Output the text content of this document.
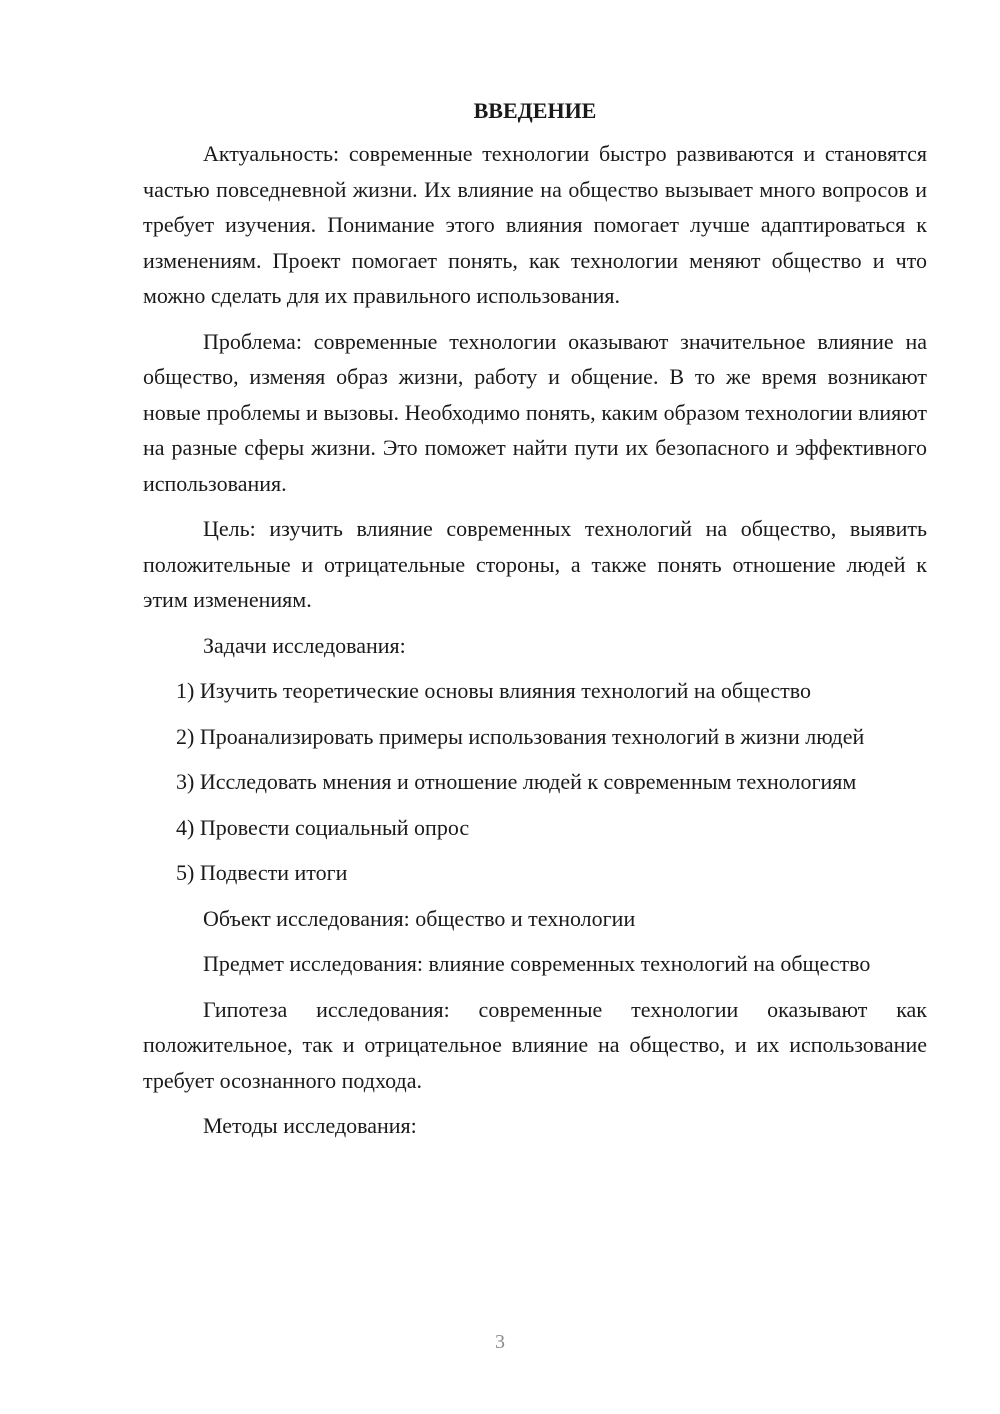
ВВЕДЕНИЕ

Актуальность: современные технологии быстро развиваются и становятся частью повседневной жизни. Их влияние на общество вызывает много вопросов и требует изучения. Понимание этого влияния помогает лучше адаптироваться к изменениям. Проект помогает понять, как технологии меняют общество и что можно сделать для их правильного использования.

Проблема: современные технологии оказывают значительное влияние на общество, изменяя образ жизни, работу и общение. В то же время возникают новые проблемы и вызовы. Необходимо понять, каким образом технологии влияют на разные сферы жизни. Это поможет найти пути их безопасного и эффективного использования.

Цель: изучить влияние современных технологий на общество, выявить положительные и отрицательные стороны, а также понять отношение людей к этим изменениям.

Задачи исследования:

1) Изучить теоретические основы влияния технологий на общество

2) Проанализировать примеры использования технологий в жизни людей

3) Исследовать мнения и отношение людей к современным технологиям

4) Провести социальный опрос

5) Подвести итоги

Объект исследования: общество и технологии

Предмет исследования: влияние современных технологий на общество

Гипотеза исследования: современные технологии оказывают как положительное, так и отрицательное влияние на общество, и их использование требует осознанного подхода.

Методы исследования:

3
